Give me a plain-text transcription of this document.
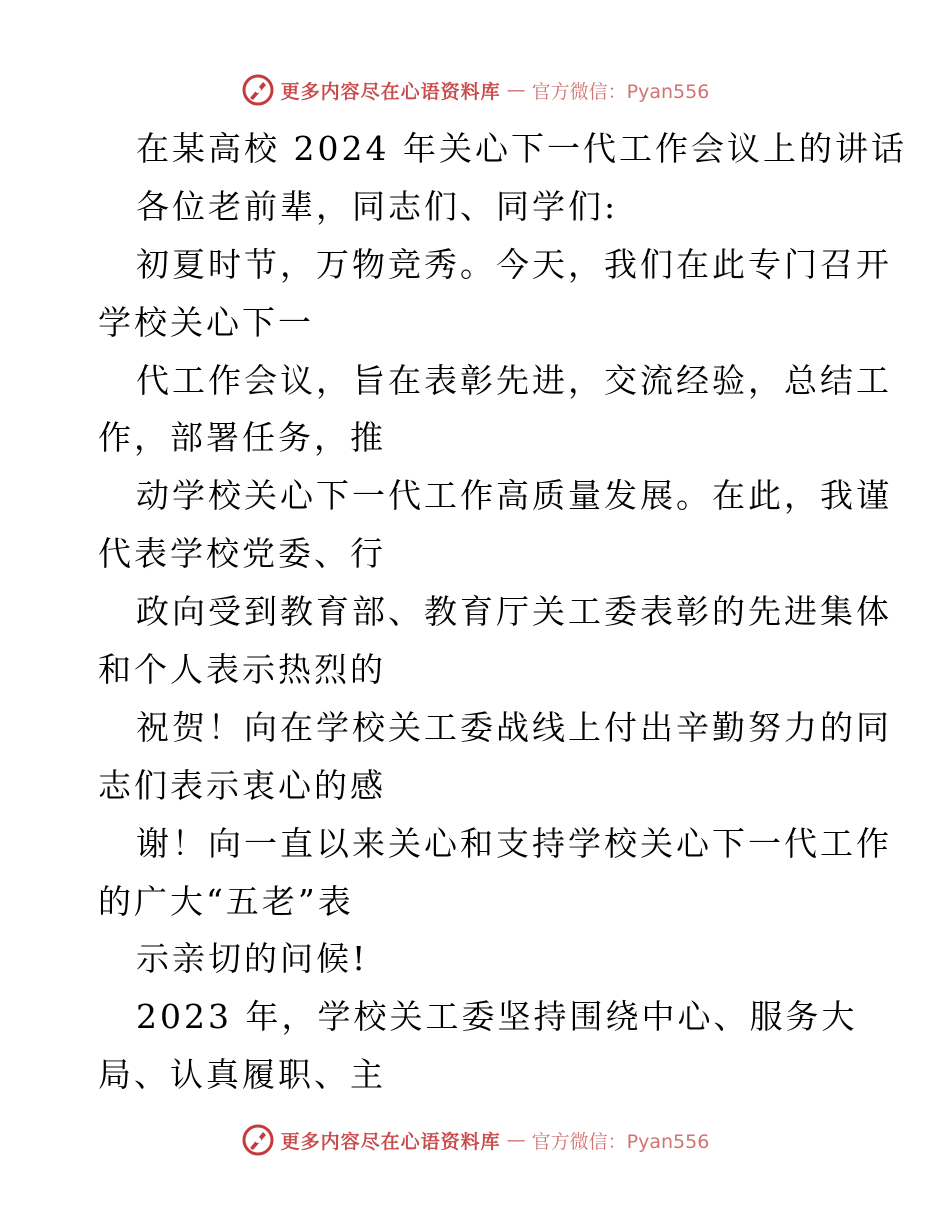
更多内容尽在心语资料库 — 官方微信：Pyan556
在某高校 2024 年关心下一代工作会议上的讲话
各位老前辈，同志们、同学们:
初夏时节，万物竞秀。今天，我们在此专门召开
学校关心下一
代工作会议，旨在表彰先进，交流经验，总结工
作，部署任务，推
动学校关心下一代工作高质量发展。在此，我谨
代表学校党委、行
政向受到教育部、教育厅关工委表彰的先进集体
和个人表示热烈的
祝贺！向在学校关工委战线上付出辛勤努力的同
志们表示衷心的感
谢！向一直以来关心和支持学校关心下一代工作
的广大“五老”表
示亲切的问候!
2023 年，学校关工委坚持围绕中心、服务大
局、认真履职、主
更多内容尽在心语资料库 — 官方微信：Pyan556
